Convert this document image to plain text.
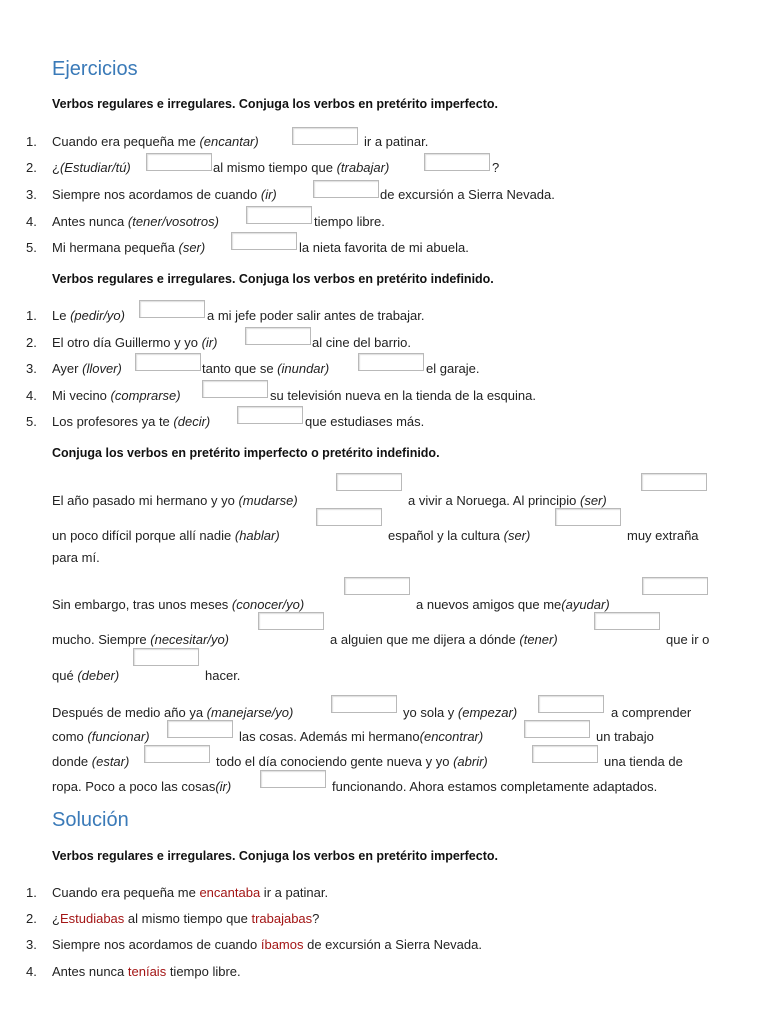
Ejercicios

Verbos regulares e irregulares. Conjuga los verbos en pretérito imperfecto.

1. Cuando era pequeña me (encantar)	ir a patinar.
2. ¿(Estudiar/tú)	al mismo tiempo que (trabajar)	?
3. Siempre nos acordamos de cuando (ir)	de excursión a Sierra Nevada.
4. Antes nunca (tener/vosotros)	tiempo libre.
5. Mi hermana pequeña (ser)	la nieta favorita de mi abuela.

Verbos regulares e irregulares. Conjuga los verbos en pretérito indefinido.

1. Le (pedir/yo)	a mi jefe poder salir antes de trabajar.
2. El otro día Guillermo y yo (ir)	al cine del barrio.
3. Ayer (llover)	tanto que se (inundar)	el garaje.
4. Mi vecino (comprarse)	su televisión nueva en la tienda de la esquina.
5. Los profesores ya te (decir)	que estudiases más.

Conjuga los verbos en pretérito imperfecto o pretérito indefinido.

El año pasado mi hermano y yo (mudarse)	a vivir a Noruega. Al principio (ser)
un poco difícil porque allí nadie (hablar)	español y la cultura (ser)	muy extraña
para mí.
Sin embargo, tras unos meses (conocer/yo)	a nuevos amigos que me(ayudar)
mucho. Siempre (necesitar/yo)	a alguien que me dijera a dónde (tener)	que ir o
qué (deber)	hacer.
Después de medio año ya (manejarse/yo)	yo sola y (empezar)	a comprender
como (funcionar)	las cosas. Además mi hermano(encontrar)	un trabajo
donde (estar)	todo el día conociendo gente nueva y yo (abrir)	una tienda de
ropa. Poco a poco las cosas(ir)	funcionando. Ahora estamos completamente adaptados.
Solución

Verbos regulares e irregulares. Conjuga los verbos en pretérito imperfecto.

1. Cuando era pequeña me encantaba ir a patinar.
2. ¿Estudiabas al mismo tiempo que trabajabas?
3. Siempre nos acordamos de cuando íbamos de excursión a Sierra Nevada.
4. Antes nunca teníais tiempo libre.
